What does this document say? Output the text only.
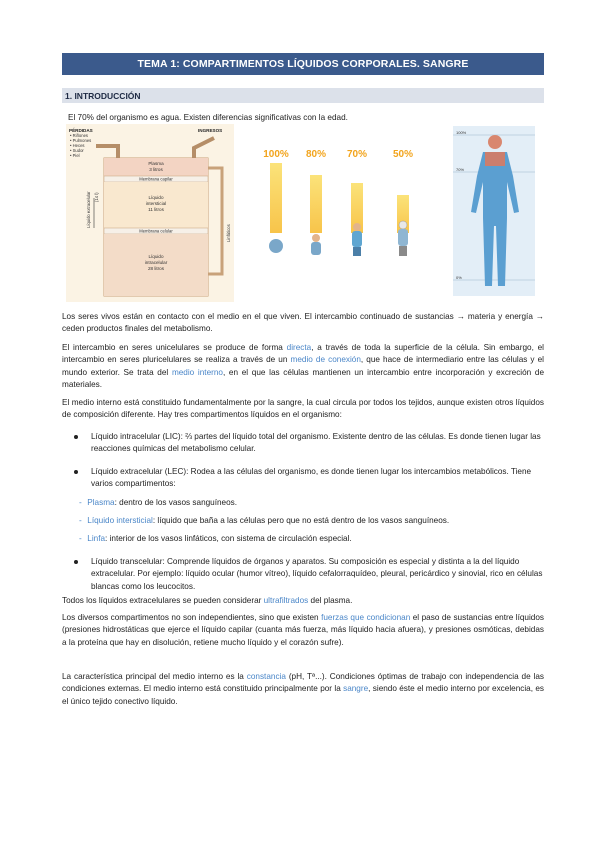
TEMA 1: COMPARTIMENTOS LÍQUIDOS CORPORALES. SANGRE
1. INTRODUCCIÓN
El 70% del organismo es agua. Existen diferencias significativas con la edad.
PÉRDIDAS
• Riñones
• Pulmones
• Heces
• Sudor
• Piel
INGRESOS
Plasma
3 litros
Membrana capilar
Líquido
intersticial
11 litros
Membrana celular
Líquido
intracelular
28 litros
Líquido extracelular (14 l)
Linfáticos
100% 80% 70%	50%
100%
70%
0%
Los seres vivos están en contacto con el medio en el que viven. El intercambio continuado de sustancias → materia y energía → ceden productos finales del metabolismo.
El intercambio en seres unicelulares se produce de forma directa, a través de toda la superficie de la célula. Sin embargo, el intercambio en seres pluricelulares se realiza a través de un medio de conexión, que hace de intermediario entre las células y el mundo exterior. Se trata del medio interno, en el que las células mantienen un intercambio entre incorporación y excreción de materiales.
El medio interno está constituido fundamentalmente por la sangre, la cual circula por todos los tejidos, aunque existen otros líquidos de composición diferente. Hay tres compartimentos líquidos en el organismo:
Líquido intracelular (LIC): ⅔ partes del líquido total del organismo. Existente dentro de las células. Es donde tienen lugar las reacciones químicas del metabolismo celular.
Líquido extracelular (LEC): Rodea a las células del organismo, es donde tienen lugar los intercambios metabólicos. Tiene varios compartimentos:
- Plasma: dentro de los vasos sanguíneos.
- Líquido intersticial: líquido que baña a las células pero que no está dentro de los vasos sanguíneos.
- Linfa: interior de los vasos linfáticos, con sistema de circulación especial.
Líquido transcelular: Comprende líquidos de órganos y aparatos. Su composición es especial y distinta a la del líquido extracelular. Por ejemplo: líquido ocular (humor vítreo), líquido cefalorraquídeo, pleural, pericárdico y sinovial, rico en células blancas como los leucocitos.
Todos los líquidos extracelulares se pueden considerar ultrafiltrados del plasma.
Los diversos compartimentos no son independientes, sino que existen fuerzas que condicionan el paso de sustancias entre líquidos (presiones hidrostáticas que ejerce el líquido capilar (cuanta más fuerza, más líquido hacia afuera), y presiones osmóticas, debidas a la proteína que hay en disolución, retiene mucho líquido y el corazón sufre).
La característica principal del medio interno es la constancia (pH, Tª...). Condiciones óptimas de trabajo con independencia de las condiciones externas. El medio interno está constituido principalmente por la sangre, siendo éste el medio interno por excelencia, es el único tejido conectivo líquido.
